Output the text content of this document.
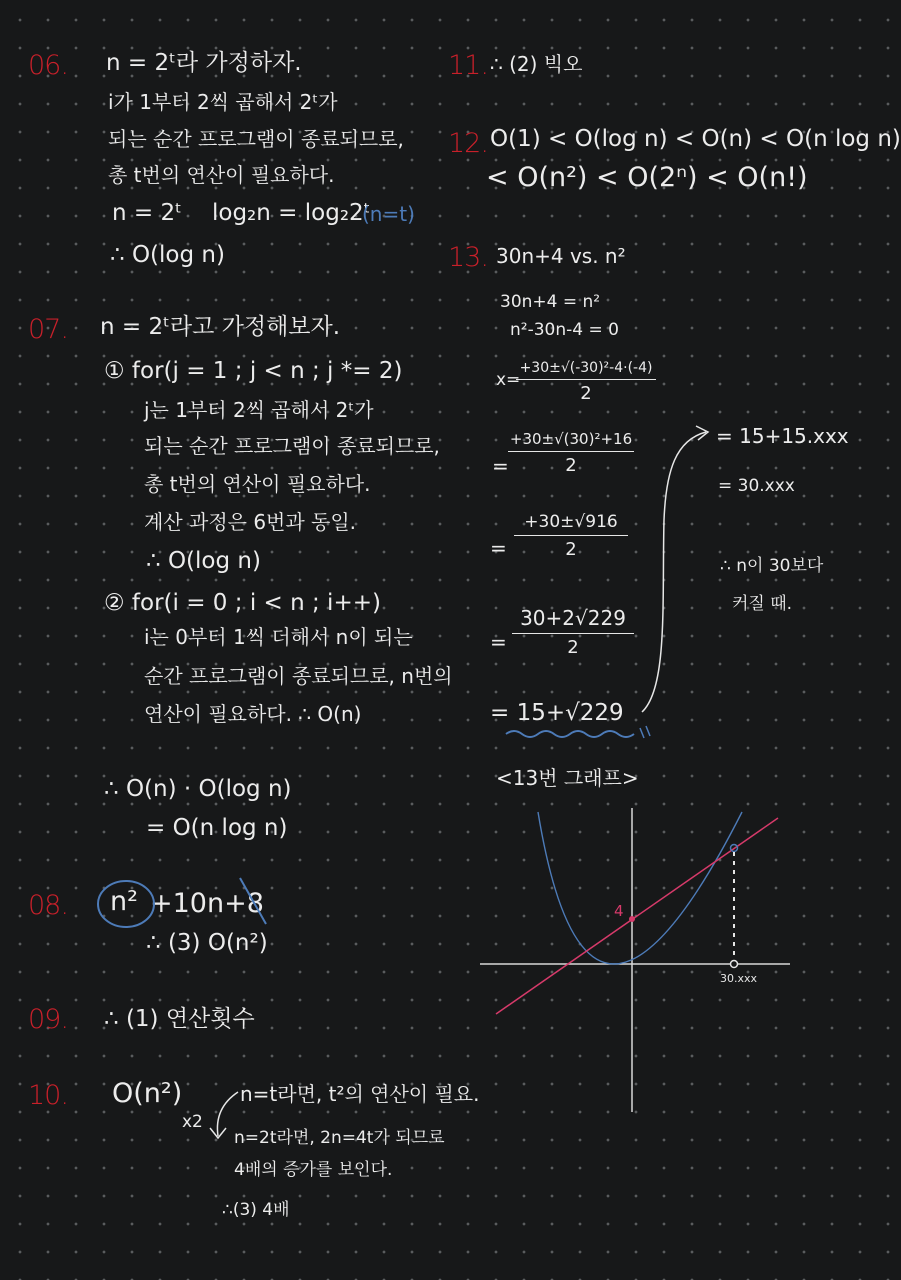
06. n = 2ᵗ라 가정하자.
i가 1부터 2씩 곱해서 2ᵗ가
되는 순간 프로그램이 종료되므로,
총 t번의 연산이 필요하다.
n = 2ᵗ log₂n = log₂2ᵗ
(n=t)
∴ O(log n)
07. n = 2ᵗ라고 가정해보자.
① for(j = 1 ; j < n ; j *= 2)
j는 1부터 2씩 곱해서 2ᵗ가
되는 순간 프로그램이 종료되므로,
총 t번의 연산이 필요하다.
계산 과정은 6번과 동일.
∴ O(log n)
② for(i = 0 ; i < n ; i++)
i는 0부터 1씩 더해서 n이 되는
순간 프로그램이 종료되므로, n번의
연산이 필요하다. ∴ O(n)
∴ O(n) · O(log n)
= O(n log n)
08. n² +10n+8
∴ (3) O(n²)
09. ∴ (1) 연산횟수
10. O(n²)
x2
n=t라면, t²의 연산이 필요.
n=2t라면, 2n=4t가 되므로
4배의 증가를 보인다.
∴(3) 4배
11. ∴ (2) 빅오
12. O(1) < O(log n) < O(n) < O(n log n)
< O(n²) < O(2ⁿ) < O(n!)
13. 30n+4 vs. n²
30n+4 = n²
n²-30n-4 = 0
x=
+30±√(-30)²-4·(-4)
2
=
+30±√(30)²+16
2
=
+30±√916
2
=
30+2√229
2
= 15+√229
= 15+15.xxx
= 30.xxx
∴ n이 30보다
커질 때.
<13번 그래프>
4
30.xxx
